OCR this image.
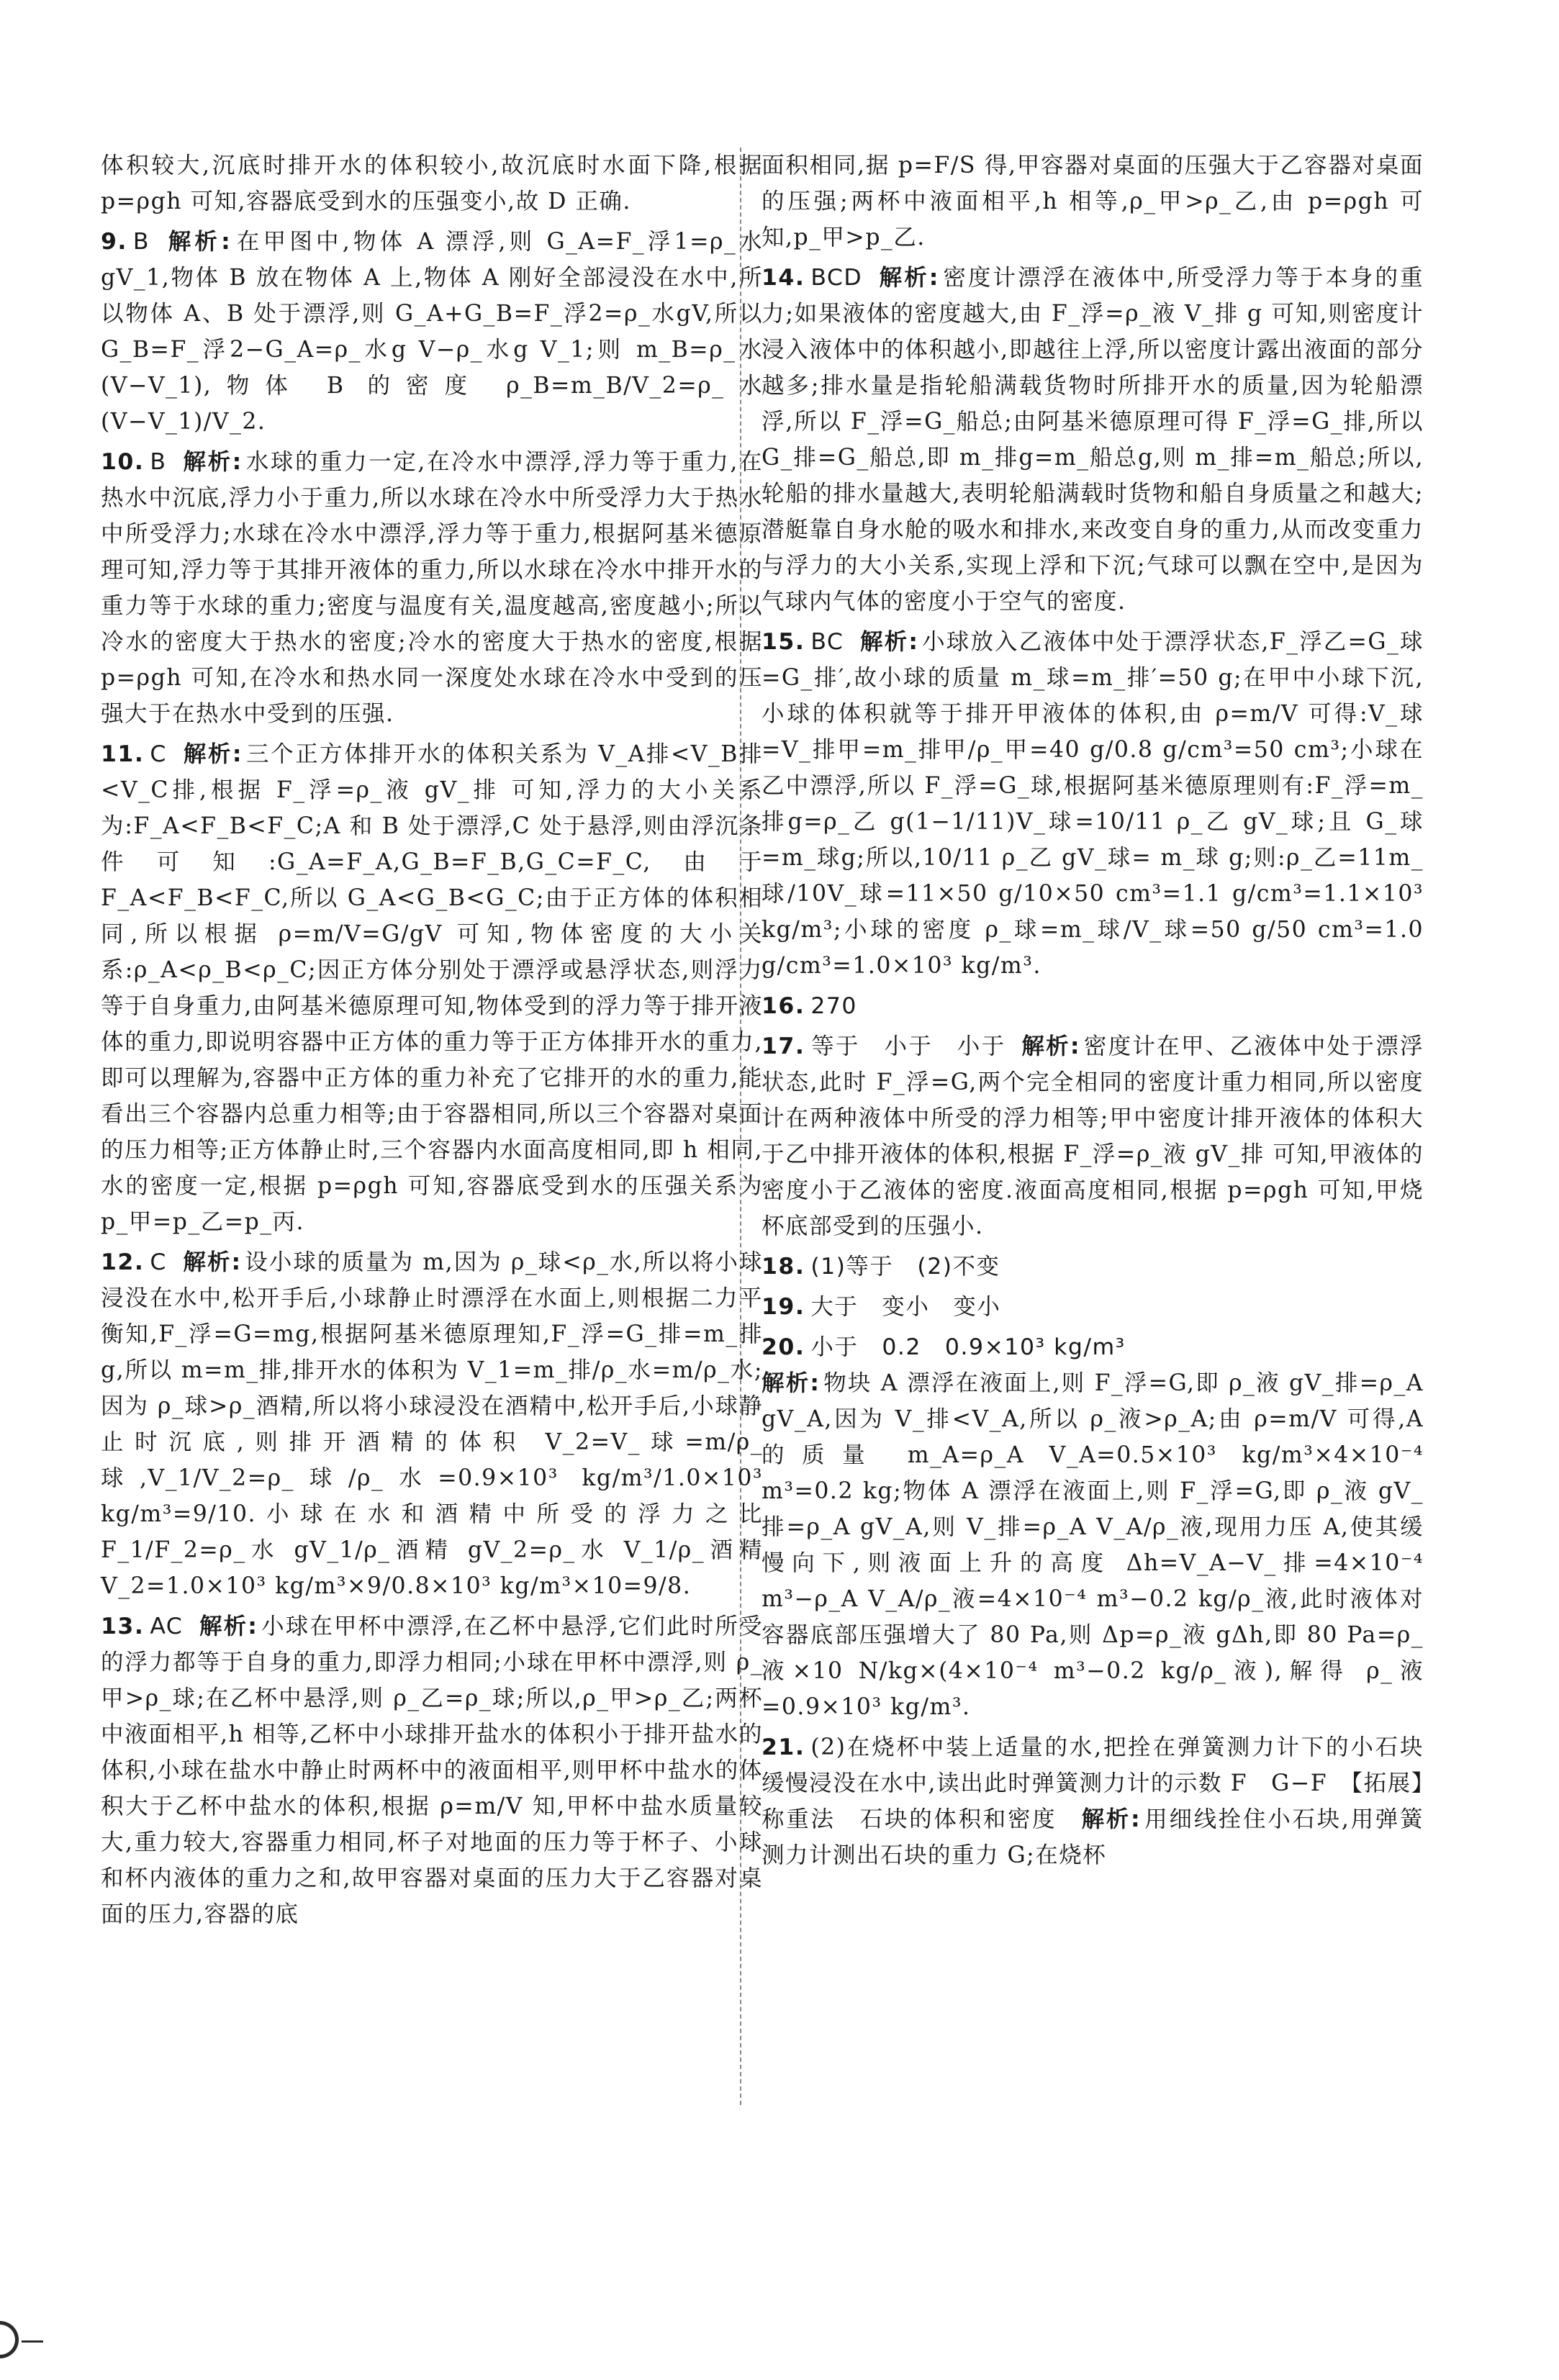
体积较大,沉底时排开水的体积较小,故沉底时水面下降,根据 p=ρgh 可知,容器底受到水的压强变小,故 D 正确.

9. B 解析: 在甲图中,物体 A 漂浮,则 G_A=F_浮1=ρ_水 gV_1,物体 B 放在物体 A 上,物体 A 刚好全部浸没在水中,所以物体 A、B 处于漂浮,则 G_A+G_B=F_浮2=ρ_水gV,所以 G_B=F_浮2−G_A=ρ_水g V−ρ_水g V_1;则 m_B=ρ_水 (V−V_1),物体 B 的密度 ρ_B=m_B/V_2=ρ_水 (V−V_1)/V_2.

10. B 解析: 水球的重力一定,在冷水中漂浮,浮力等于重力,在热水中沉底,浮力小于重力,所以水球在冷水中所受浮力大于热水中所受浮力;水球在冷水中漂浮,浮力等于重力,根据阿基米德原理可知,浮力等于其排开液体的重力,所以水球在冷水中排开水的重力等于水球的重力;密度与温度有关,温度越高,密度越小;所以冷水的密度大于热水的密度;冷水的密度大于热水的密度,根据 p=ρgh 可知,在冷水和热水同一深度处水球在冷水中受到的压强大于在热水中受到的压强.

11. C 解析: 三个正方体排开水的体积关系为 V_A排<V_B排<V_C排,根据 F_浮=ρ_液 gV_排 可知,浮力的大小关系为:F_A<F_B<F_C;A 和 B 处于漂浮,C 处于悬浮,则由浮沉条件可知:G_A=F_A,G_B=F_B,G_C=F_C,由于 F_A<F_B<F_C,所以 G_A<G_B<G_C;由于正方体的体积相同,所以根据 ρ=m/V=G/gV 可知,物体密度的大小关系:ρ_A<ρ_B<ρ_C;因正方体分别处于漂浮或悬浮状态,则浮力等于自身重力,由阿基米德原理可知,物体受到的浮力等于排开液体的重力,即说明容器中正方体的重力等于正方体排开水的重力,即可以理解为,容器中正方体的重力补充了它排开的水的重力,能看出三个容器内总重力相等;由于容器相同,所以三个容器对桌面的压力相等;正方体静止时,三个容器内水面高度相同,即 h 相同,水的密度一定,根据 p=ρgh 可知,容器底受到水的压强关系为 p_甲=p_乙=p_丙.

12. C 解析: 设小球的质量为 m,因为 ρ_球<ρ_水,所以将小球浸没在水中,松开手后,小球静止时漂浮在水面上,则根据二力平衡知,F_浮=G=mg,根据阿基米德原理知,F_浮=G_排=m_排g,所以 m=m_排,排开水的体积为 V_1=m_排/ρ_水=m/ρ_水;因为 ρ_球>ρ_酒精,所以将小球浸没在酒精中,松开手后,小球静止时沉底,则排开酒精的体积 V_2=V_球=m/ρ_球,V_1/V_2=ρ_球/ρ_水=0.9×10³ kg/m³/1.0×10³ kg/m³=9/10.小球在水和酒精中所受的浮力之比 F_1/F_2=ρ_水 gV_1/ρ_酒精 gV_2=ρ_水 V_1/ρ_酒精 V_2=1.0×10³ kg/m³×9/0.8×10³ kg/m³×10=9/8.

13. AC 解析: 小球在甲杯中漂浮,在乙杯中悬浮,它们此时所受的浮力都等于自身的重力,即浮力相同;小球在甲杯中漂浮,则 ρ_甲>ρ_球;在乙杯中悬浮,则 ρ_乙=ρ_球;所以,ρ_甲>ρ_乙;两杯中液面相平,h 相等,乙杯中小球排开盐水的体积小于排开盐水的体积,小球在盐水中静止时两杯中的液面相平,则甲杯中盐水的体积大于乙杯中盐水的体积,根据 ρ=m/V 知,甲杯中盐水质量较大,重力较大,容器重力相同,杯子对地面的压力等于杯子、小球和杯内液体的重力之和,故甲容器对桌面的压力大于乙容器对桌面的压力,容器的底

面积相同,据 p=F/S 得,甲容器对桌面的压强大于乙容器对桌面的压强;两杯中液面相平,h 相等,ρ_甲>ρ_乙,由 p=ρgh 可知,p_甲>p_乙.

14. BCD 解析: 密度计漂浮在液体中,所受浮力等于本身的重力;如果液体的密度越大,由 F_浮=ρ_液 V_排 g 可知,则密度计浸入液体中的体积越小,即越往上浮,所以密度计露出液面的部分越多;排水量是指轮船满载货物时所排开水的质量,因为轮船漂浮,所以 F_浮=G_船总;由阿基米德原理可得 F_浮=G_排,所以 G_排=G_船总,即 m_排g=m_船总g,则 m_排=m_船总;所以,轮船的排水量越大,表明轮船满载时货物和船自身质量之和越大;潜艇靠自身水舱的吸水和排水,来改变自身的重力,从而改变重力与浮力的大小关系,实现上浮和下沉;气球可以飘在空中,是因为气球内气体的密度小于空气的密度.

15. BC 解析: 小球放入乙液体中处于漂浮状态,F_浮乙=G_球=G_排′,故小球的质量 m_球=m_排′=50 g;在甲中小球下沉,小球的体积就等于排开甲液体的体积,由 ρ=m/V 可得:V_球=V_排甲=m_排甲/ρ_甲=40 g/0.8 g/cm³=50 cm³;小球在乙中漂浮,所以 F_浮=G_球,根据阿基米德原理则有:F_浮=m_排g=ρ_乙 g(1−1/11)V_球=10/11 ρ_乙 gV_球;且 G_球=m_球g;所以,10/11 ρ_乙 gV_球= m_球 g;则:ρ_乙=11m_球/10V_球=11×50 g/10×50 cm³=1.1 g/cm³=1.1×10³ kg/m³;小球的密度 ρ_球=m_球/V_球=50 g/50 cm³=1.0 g/cm³=1.0×10³ kg/m³.

16. 270

17. 等于　小于　小于 解析: 密度计在甲、乙液体中处于漂浮状态,此时 F_浮=G,两个完全相同的密度计重力相同,所以密度计在两种液体中所受的浮力相等;甲中密度计排开液体的体积大于乙中排开液体的体积,根据 F_浮=ρ_液 gV_排 可知,甲液体的密度小于乙液体的密度.液面高度相同,根据 p=ρgh 可知,甲烧杯底部受到的压强小.

18. (1)等于　(2)不变

19. 大于　变小　变小

20. 小于　0.2　0.9×10³ kg/m³
解析: 物块 A 漂浮在液面上,则 F_浮=G,即 ρ_液 gV_排=ρ_A gV_A,因为 V_排<V_A,所以 ρ_液>ρ_A;由 ρ=m/V 可得,A 的质量 m_A=ρ_A V_A=0.5×10³ kg/m³×4×10⁻⁴ m³=0.2 kg;物体 A 漂浮在液面上,则 F_浮=G,即 ρ_液 gV_排=ρ_A gV_A,则 V_排=ρ_A V_A/ρ_液,现用力压 A,使其缓慢向下,则液面上升的高度 Δh=V_A−V_排=4×10⁻⁴ m³−ρ_A V_A/ρ_液=4×10⁻⁴ m³−0.2 kg/ρ_液,此时液体对容器底部压强增大了 80 Pa,则 Δp=ρ_液 gΔh,即 80 Pa=ρ_液×10 N/kg×(4×10⁻⁴ m³−0.2 kg/ρ_液),解得 ρ_液=0.9×10³ kg/m³.

21. (2)在烧杯中装上适量的水,把拴在弹簧测力计下的小石块缓慢浸没在水中,读出此时弹簧测力计的示数 F　G−F　【拓展】称重法　石块的体积和密度　 解析: 用细线拴住小石块,用弹簧测力计测出石块的重力 G;在烧杯
